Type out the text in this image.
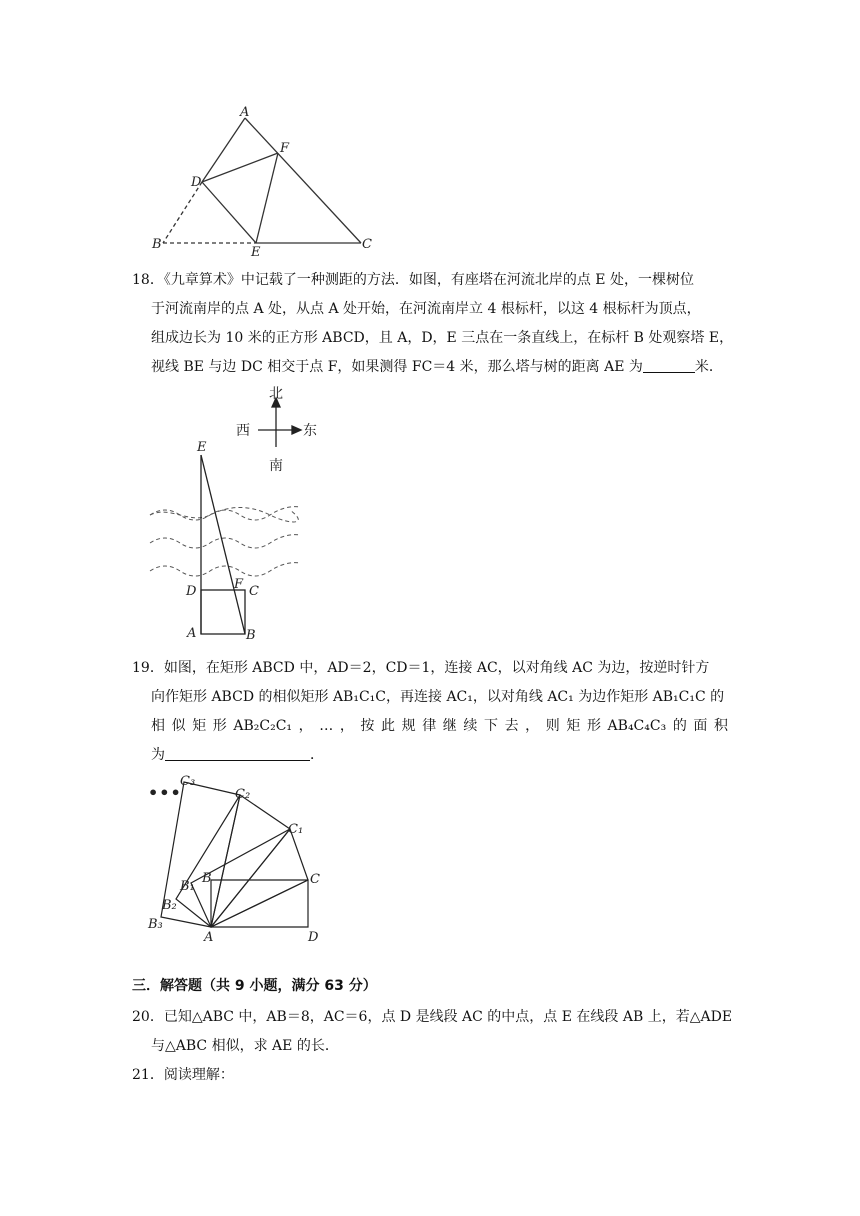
A
F
D
B
E
C
18．《九章算术》中记载了一种测距的方法．如图，有座塔在河流北岸的点 E 处，一棵树位
于河流南岸的点 A 处，从点 A 处开始，在河流南岸立 4 根标杆，以这 4 根标杆为顶点，
组成边长为 10 米的正方形 ABCD，且 A，D，E 三点在一条直线上，在标杆 B 处观察塔 E，
视线 BE 与边 DC 相交于点 F，如果测得 FC＝4 米，那么塔与树的距离 AE 为	米．
北
西	东
南
E
D	F C
A	B
19．如图，在矩形 ABCD 中，AD＝2，CD＝1，连接 AC，以对角线 AC 为边，按逆时针方
向作矩形 ABCD 的相似矩形 AB₁C₁C，再连接 AC₁，以对角线 AC₁ 为边作矩形 AB₁C₁C 的
相 似 矩 形 AB₂C₂C₁ ， … ， 按 此 规 律 继 续 下 去 ， 则 矩 形 AB₄C₄C₃ 的 面 积
为	．
•••
C₃
C₂
C₁
B
B₁
B₂
B₃
C
A	D
三．解答题（共 9 小题，满分 63 分）
20．已知△ABC 中，AB＝8，AC＝6，点 D 是线段 AC 的中点，点 E 在线段 AB 上，若△ADE
与△ABC 相似，求 AE 的长．
21．阅读理解：
